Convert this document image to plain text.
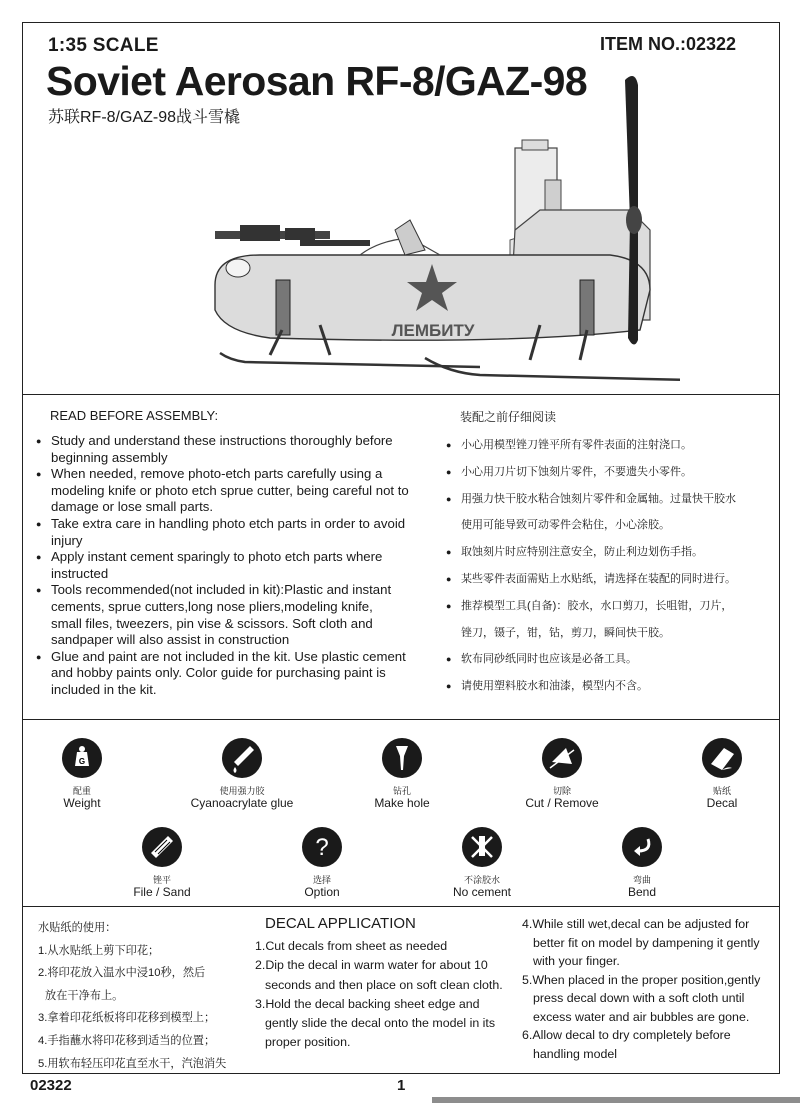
1:35 SCALE	ITEM NO.:02322
Soviet Aerosan RF-8/GAZ-98
苏联RF-8/GAZ-98战斗雪橇
ЛЕМБИТУ
READ BEFORE ASSEMBLY:
● Study and understand these instructions thoroughly before
beginning assembly
● When needed, remove photo-etch parts carefully using a
modeling knife or photo etch sprue cutter, being careful not to
damage or lose small parts.
● Take extra care in handling photo etch parts in order to avoid
injury
● Apply instant cement sparingly to photo etch parts where
instructed
● Tools recommended(not included in kit):Plastic and instant
cements, sprue cutters,long nose pliers,modeling knife,
small files, tweezers, pin vise & scissors. Soft cloth and
sandpaper will also assist in construction
● Glue and paint are not included in the kit. Use plastic cement
and hobby paints only. Color guide for purchasing paint is
included in the kit.
装配之前仔细阅读
● 小心用模型锉刀锉平所有零件表面的注射浇口。
● 小心用刀片切下蚀刻片零件，不要遗失小零件。
● 用强力快干胶水粘合蚀刻片零件和金属轴。过量快干胶水
使用可能导致可动零件会粘住，小心涂胶。
● 取蚀刻片时应特别注意安全，防止利边划伤手指。
● 某些零件表面需贴上水贴纸，请选择在装配的同时进行。
● 推荐模型工具(自备)：胶水，水口剪刀，长咀钳，刀片，
锉刀，镊子，钳，钻，剪刀，瞬间快干胶。
● 软布同砂纸同时也应该是必备工具。
● 请使用塑料胶水和油漆，模型内不含。
G
配重
Weight
使用强力胶
Cyanoacrylate glue
钻孔
Make hole
切除
Cut / Remove
贴纸
Decal
锉平
File / Sand
?
选择
Option
不涂胶水
No cement
弯曲
Bend
水贴纸的使用：
1.从水贴纸上剪下印花；
2.将印花放入温水中浸10秒，然后
放在干净布上。
3.拿着印花纸板将印花移到模型上；
4.手指蘸水将印花移到适当的位置；
5.用软布轻压印花直至水干，汽泡消失
DECAL APPLICATION
1.Cut decals from sheet as needed
2.Dip the decal in warm water for about 10
seconds and then place on soft clean cloth.
3.Hold the decal backing sheet edge and
gently slide the decal onto the model in its
proper position.
4.While still wet,decal can be adjusted for
better fit on model by dampening it gently
with your finger.
5.When placed in the proper position,gently
press decal down with a soft cloth until
excess water and air bubbles are gone.
6.Allow decal to dry completely before
handling model
02322	1
